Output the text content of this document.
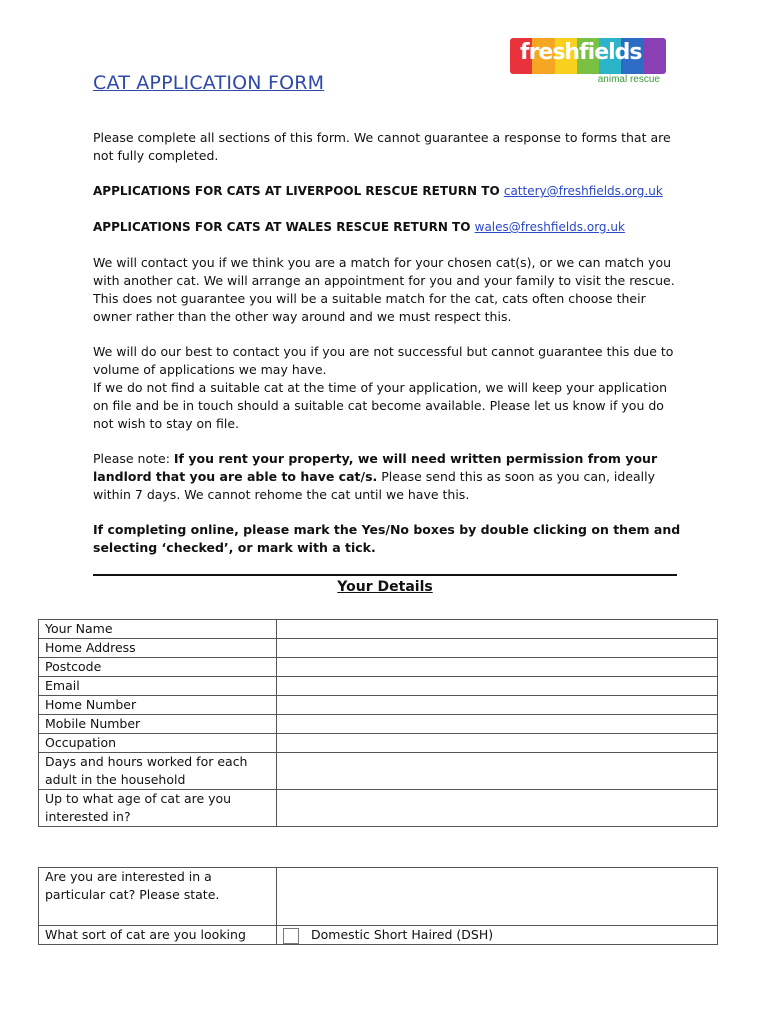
freshfields
animal rescue
CAT APPLICATION FORM

Please complete all sections of this form. We cannot guarantee a response to forms that are not fully completed.

APPLICATIONS FOR CATS AT LIVERPOOL RESCUE RETURN TO cattery@freshfields.org.uk

APPLICATIONS FOR CATS AT WALES RESCUE RETURN TO wales@freshfields.org.uk

We will contact you if we think you are a match for your chosen cat(s), or we can match you with another cat. We will arrange an appointment for you and your family to visit the rescue. This does not guarantee you will be a suitable match for the cat, cats often choose their owner rather than the other way around and we must respect this.

We will do our best to contact you if you are not successful but cannot guarantee this due to volume of applications we may have.
If we do not find a suitable cat at the time of your application, we will keep your application on file and be in touch should a suitable cat become available. Please let us know if you do not wish to stay on file.

Please note: If you rent your property, we will need written permission from your landlord that you are able to have cat/s. Please send this as soon as you can, ideally within 7 days. We cannot rehome the cat until we have this.

If completing online, please mark the Yes/No boxes by double clicking on them and selecting ‘checked’, or mark with a tick.

Your Details
Your Name	
Home Address	
Postcode	
Email	
Home Number	
Mobile Number	
Occupation	
Days and hours worked for each adult in the household	
Up to what age of cat are you interested in?	
Are you are interested in a particular cat? Please state.	
What sort of cat are you looking	Domestic Short Haired (DSH)
